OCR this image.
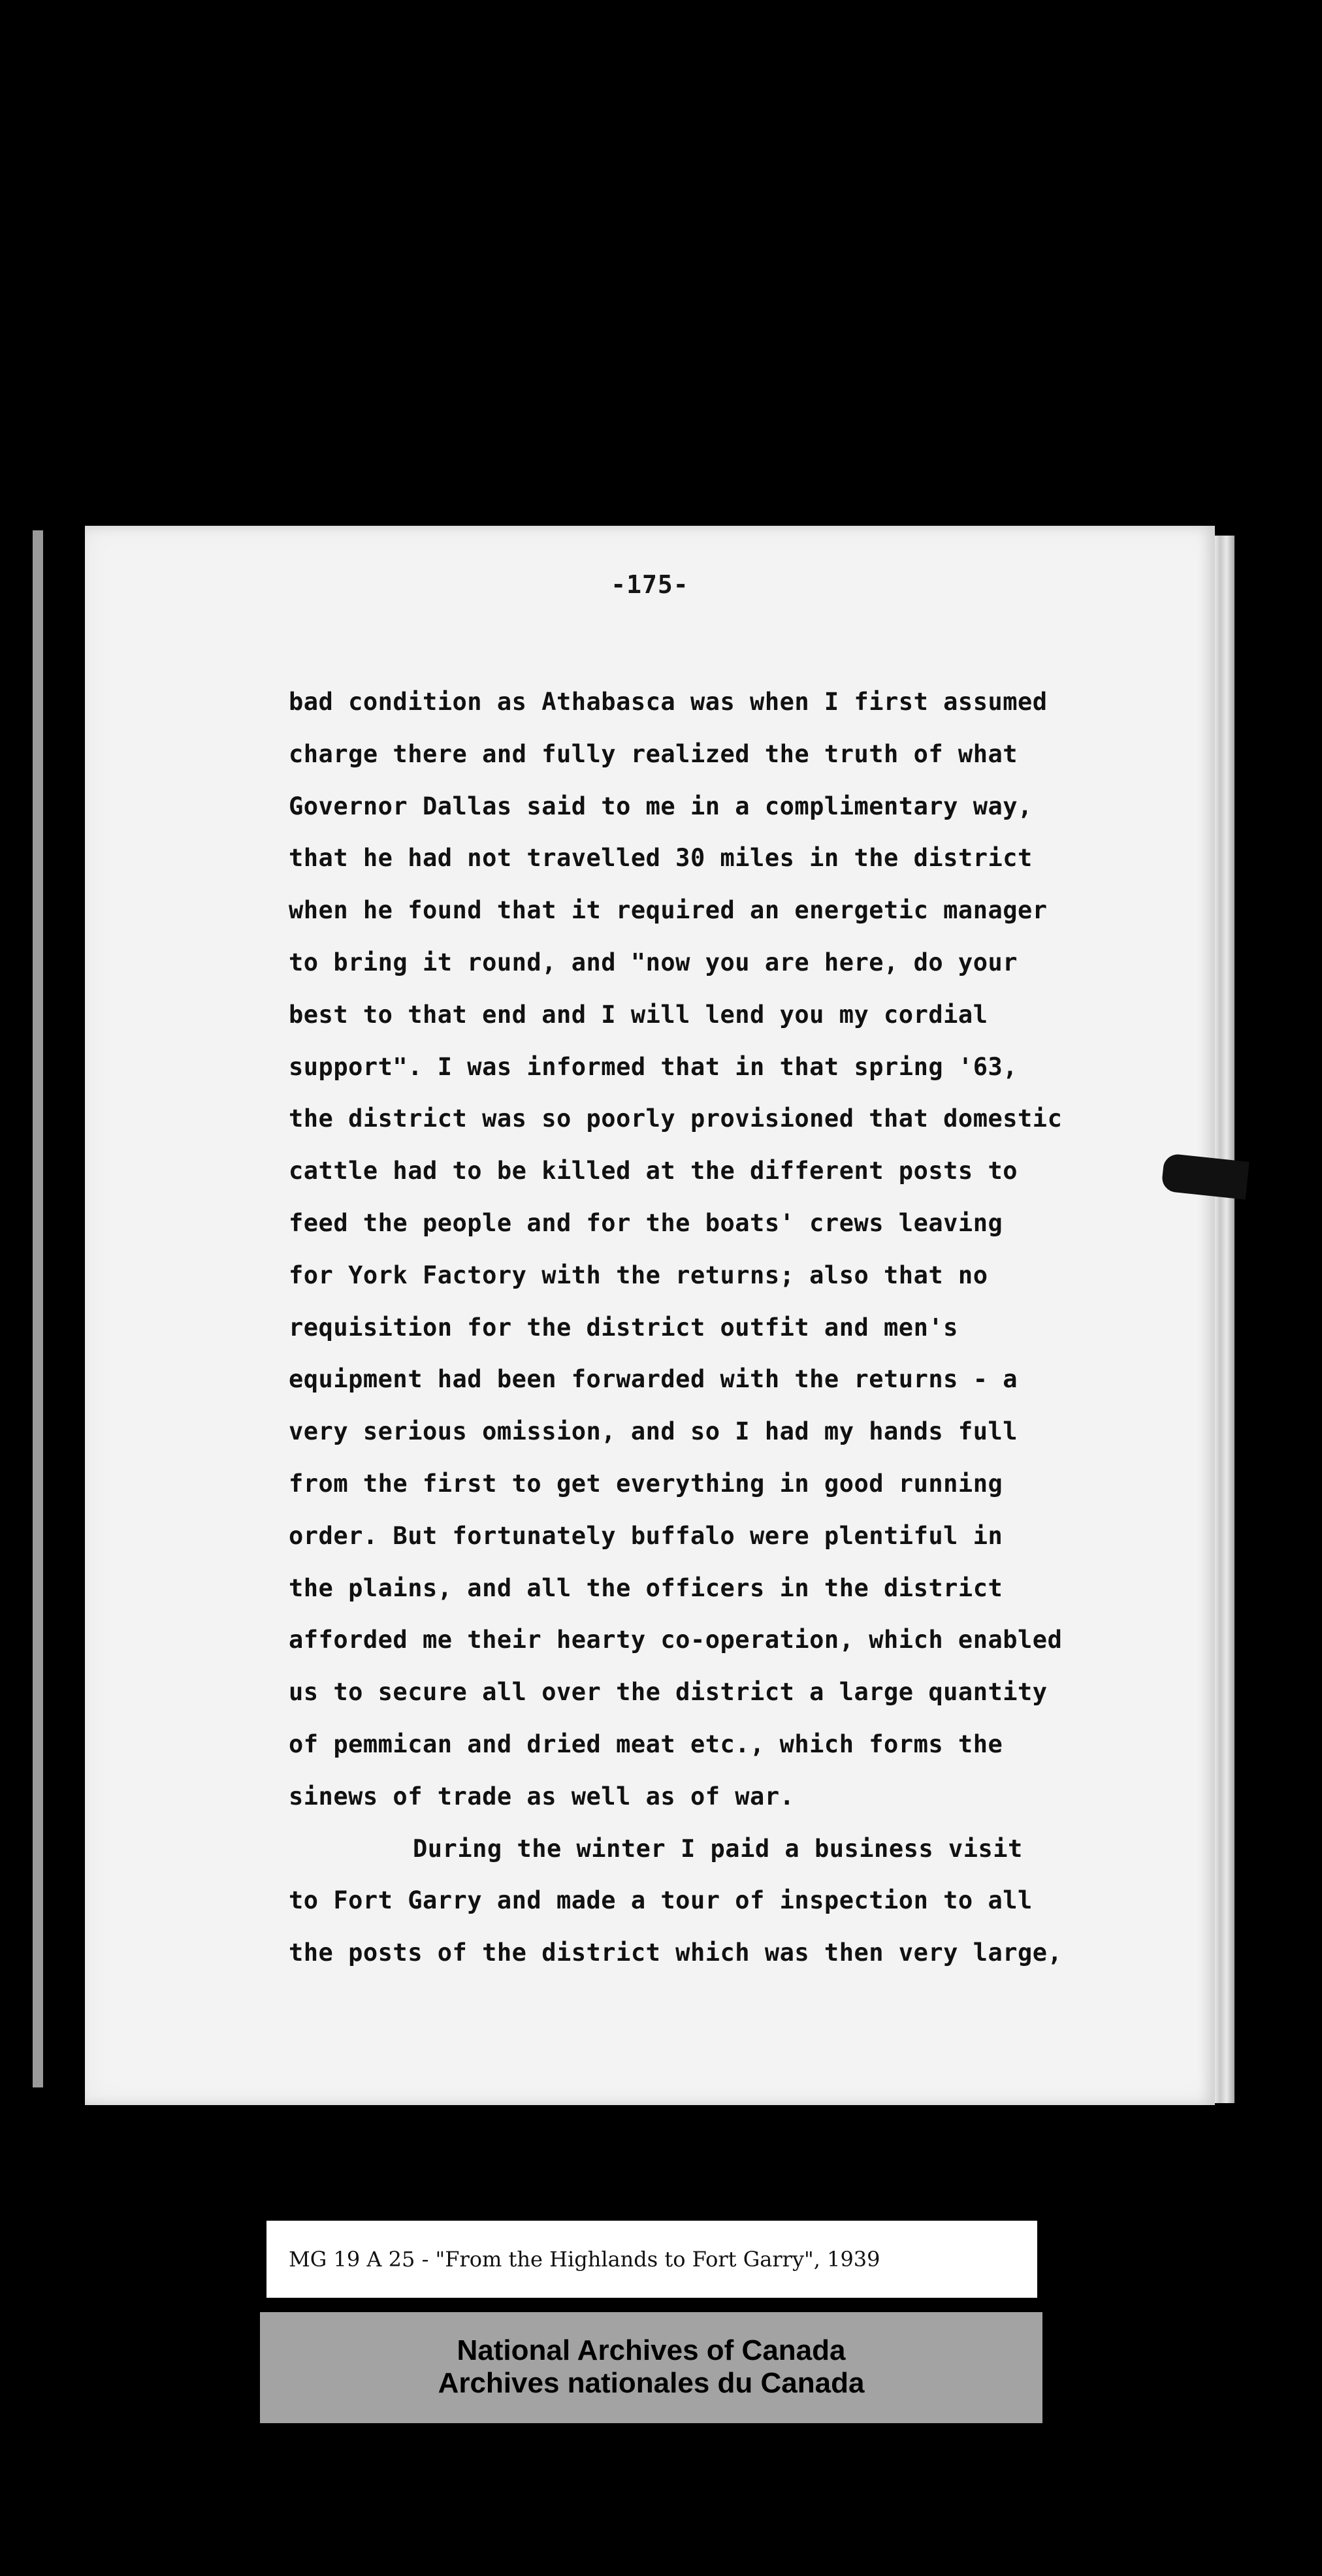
-175-
bad condition as Athabasca was when I first assumed
charge there and fully realized the truth of what
Governor Dallas said to me in a complimentary way,
that he had not travelled 30 miles in the district
when he found that it required an energetic manager
to bring it round, and "now you are here, do your
best to that end and I will lend you my cordial
support". I was informed that in that spring '63,
the district was so poorly provisioned that domestic
cattle had to be killed at the different posts to
feed the people and for the boats' crews leaving
for York Factory with the returns; also that no
requisition for the district outfit and men's
equipment had been forwarded with the returns - a
very serious omission, and so I had my hands full
from the first to get everything in good running
order. But fortunately buffalo were plentiful in
the plains, and all the officers in the district
afforded me their hearty co-operation, which enabled
us to secure all over the district a large quantity
of pemmican and dried meat etc., which forms the
sinews of trade as well as of war.
During the winter I paid a business visit
to Fort Garry and made a tour of inspection to all
the posts of the district which was then very large,
MG 19 A 25 - "From the Highlands to Fort Garry", 1939
National Archives of Canada
Archives nationales du Canada
